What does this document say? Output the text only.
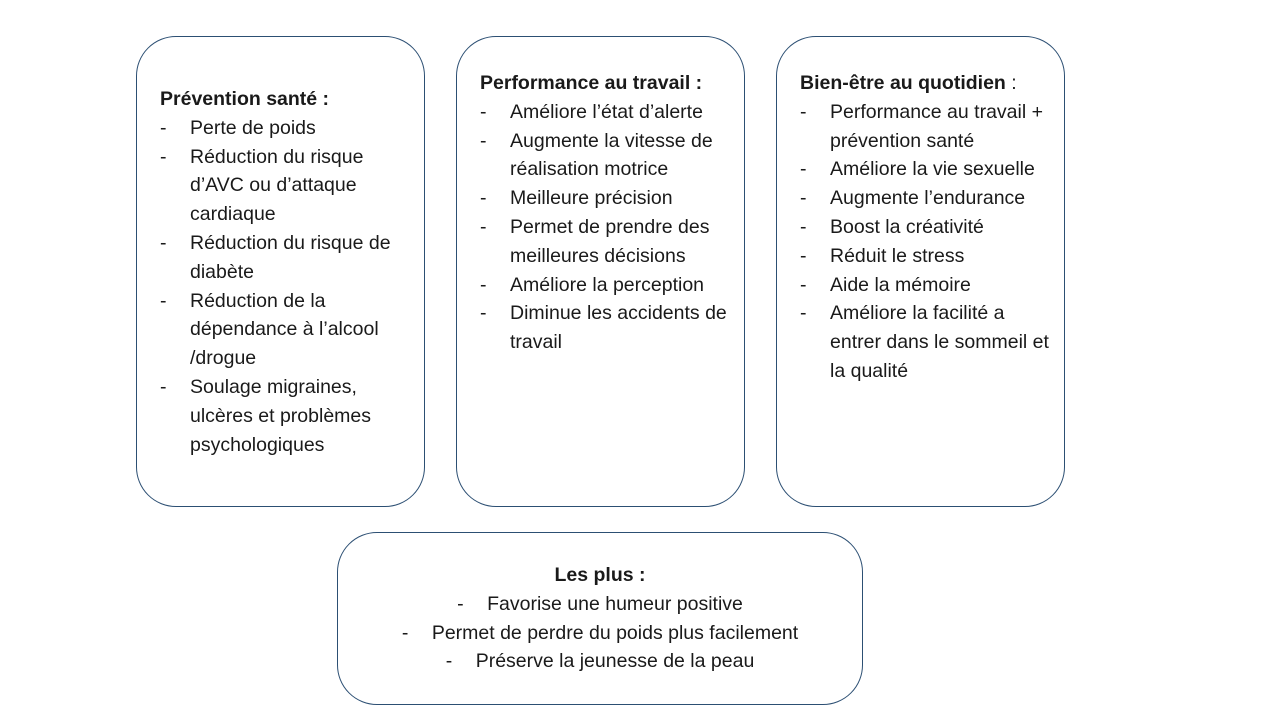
Prévention santé :

- Perte de poids
- Réduction du risque d’AVC ou d’attaque cardiaque
- Réduction du risque de diabète
- Réduction de la dépendance à l’alcool /drogue
- Soulage migraines, ulcères et problèmes psychologiques

Performance au travail :

- Améliore l’état d’alerte
- Augmente la vitesse de réalisation motrice
- Meilleure précision
- Permet de prendre des meilleures décisions
- Améliore la perception
- Diminue les accidents de travail

Bien-être au quotidien :

- Performance au travail + prévention santé
- Améliore la vie sexuelle
- Augmente l’endurance
- Boost la créativité
- Réduit le stress
- Aide la mémoire
- Améliore la facilité a entrer dans le sommeil et la qualité

Les plus :

- Favorise une humeur positive
- Permet de perdre du poids plus facilement
- Préserve la jeunesse de la peau
